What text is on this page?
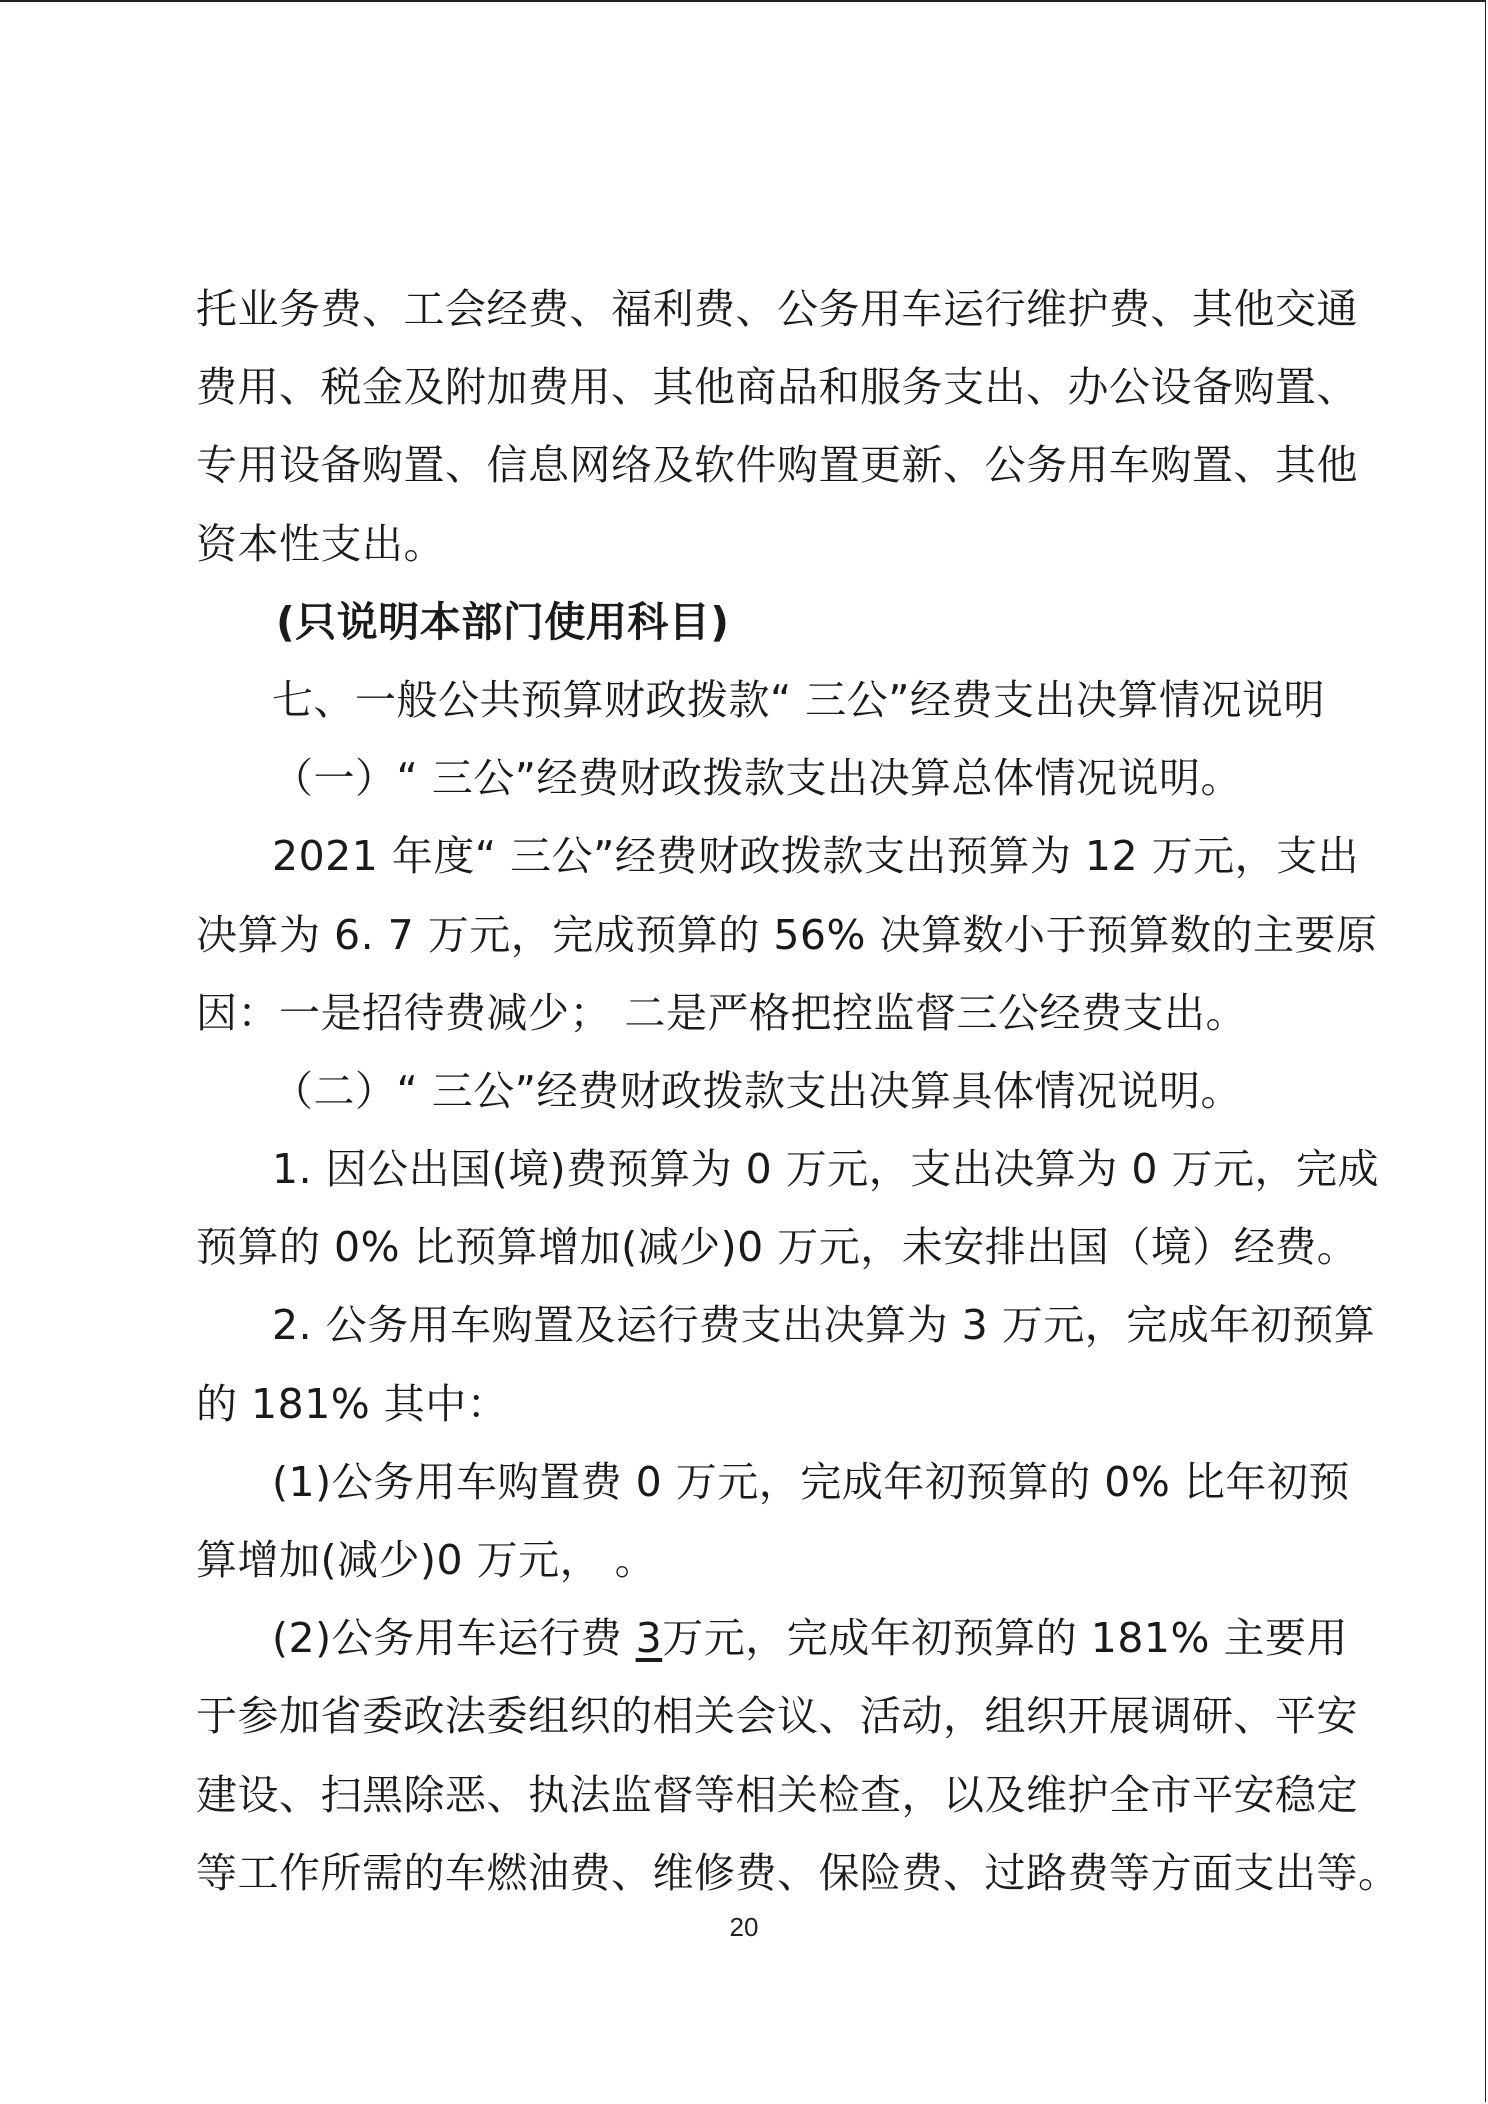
托业务费、工会经费、福利费、公务用车运行维护费、其他交通
费用、税金及附加费用、其他商品和服务支出、办公设备购置、
专用设备购置、信息网络及软件购置更新、公务用车购置、其他
资本性支出。
(只说明本部门使用科目)
七、一般公共预算财政拨款“ 三公”经费支出决算情况说明
（一）“ 三公”经费财政拨款支出决算总体情况说明。
2021 年度“ 三公”经费财政拨款支出预算为 12 万元，支出
决算为 6. 7 万元，完成预算的 56% 决算数小于预算数的主要原
因：一是招待费减少； 二是严格把控监督三公经费支出。
（二）“ 三公”经费财政拨款支出决算具体情况说明。
1. 因公出国(境)费预算为 0 万元，支出决算为 0 万元，完成
预算的 0% 比预算增加(减少)0 万元，未安排出国（境）经费。
2. 公务用车购置及运行费支出决算为 3 万元，完成年初预算
的 181% 其中：
(1)公务用车购置费 0 万元，完成年初预算的 0% 比年初预
算增加(减少)0 万元， 。
(2)公务用车运行费 3万元，完成年初预算的 181% 主要用
于参加省委政法委组织的相关会议、活动，组织开展调研、平安
建设、扫黑除恶、执法监督等相关检查，以及维护全市平安稳定
等工作所需的车燃油费、维修费、保险费、过路费等方面支出等。
20
